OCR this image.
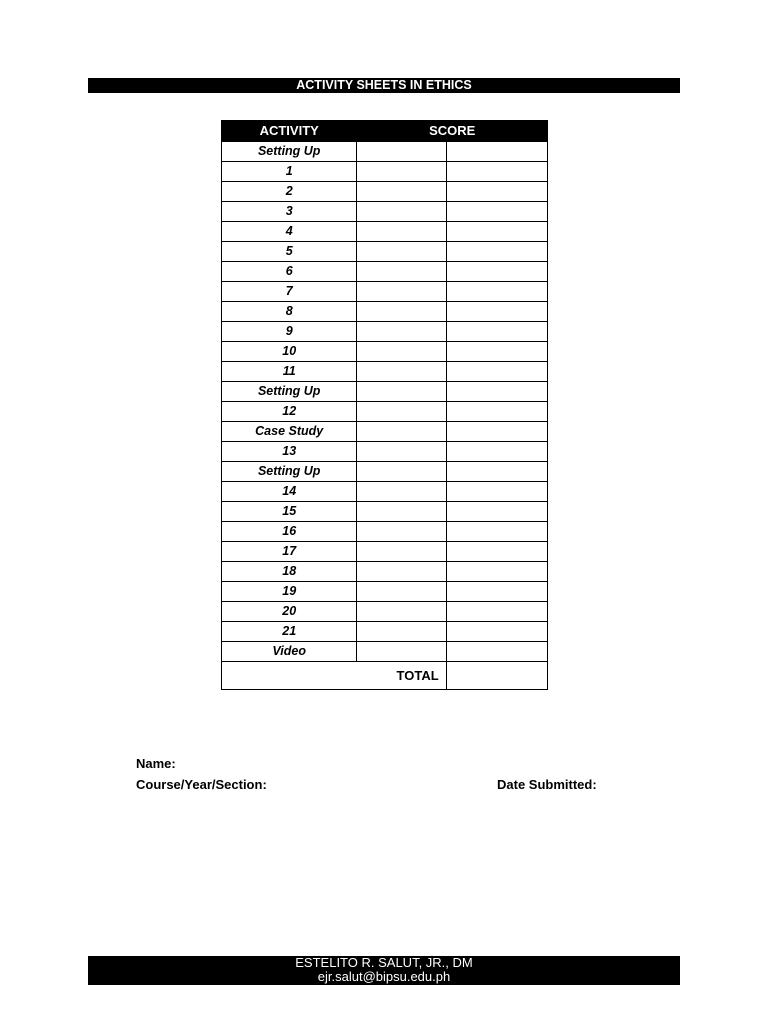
ACTIVITY SHEETS IN ETHICS
ACTIVITY	SCORE	
Setting Up		
1		
2		
3		
4		
5		
6		
7		
8		
9		
10		
11		
Setting Up		
12		
Case Study		
13		
Setting Up		
14		
15		
16		
17		
18		
19		
20		
21		
Video		
TOTAL		
Name:
Course/Year/Section:	Date Submitted:
ESTELITO R. SALUT, JR., DM
ejr.salut@bipsu.edu.ph
